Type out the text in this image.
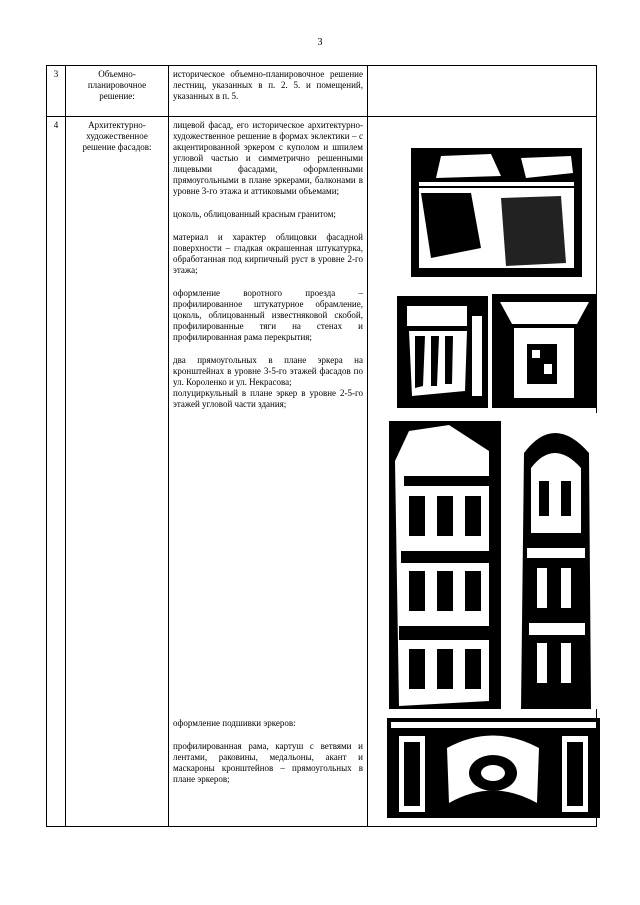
3
3	Объемно-планировочное решение:

историческое объемно-планировочное решение лестниц, указанных в п. 2. 5. и помещений, указанных в п. 5.

4	Архитектурно-художественное решение фасадов:

лицевой фасад, его историческое архитектурно-художественное решение в формах эклектики – с акцентированной эркером с куполом и шпилем угловой частью и симметрично решенными лицевыми фасадами, оформленными прямоугольными в плане эркерами, балконами в уровне 3-го этажа и аттиковыми объемами;

цоколь, облицованный красным гранитом;

материал и характер облицовки фасадной поверхности – гладкая окрашенная штукатурка, обработанная под кирпичный руст в уровне 2-го этажа;

оформление воротного проезда – профилированное штукатурное обрамление, цоколь, облицованный известняковой скобой, профилированные тяги на стенах и профилированная рама перекрытия;

два прямоугольных в плане эркера на кронштейнах в уровне 3-5-го этажей фасадов по ул. Короленко и ул. Некрасова;

полуциркульный в плане эркер в уровне 2-5-го этажей угловой части здания;

оформление подшивки эркеров:

профилированная рама, картуш с ветвями и лентами, раковины, медальоны, акант и маскароны кронштейнов – прямоугольных в плане эркеров;
